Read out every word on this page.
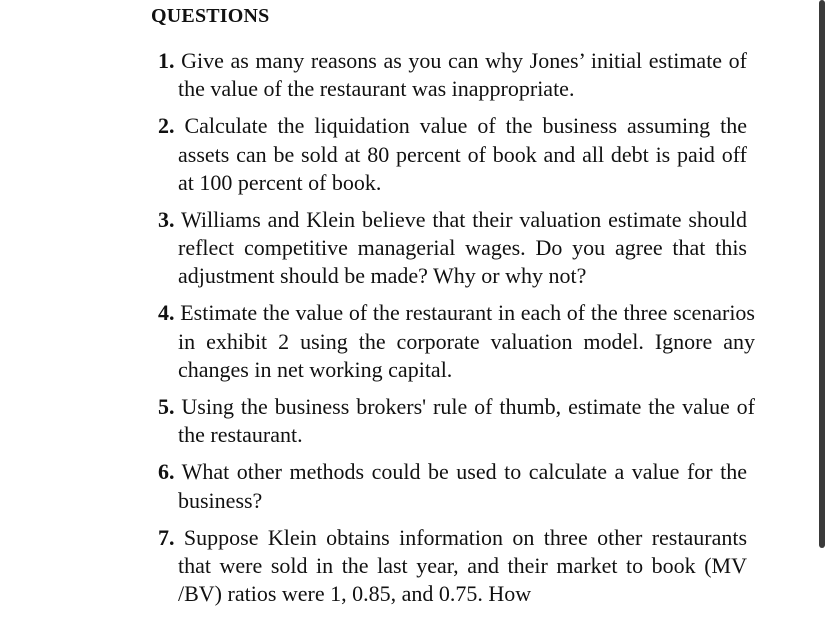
QUESTIONS
1. Give as many reasons as you can why Jones’ initial estimate of the value of the restaurant was inappropriate.
2. Calculate the liquidation value of the business assuming the assets can be sold at 80 percent of book and all debt is paid off at 100 percent of book.
3. Williams and Klein believe that their valuation estimate should reflect competitive managerial wages. Do you agree that this adjustment should be made? Why or why not?
4. Estimate the value of the restaurant in each of the three scenarios in exhibit 2 using the corporate valuation model. Ignore any changes in net working capital.
5. Using the business brokers' rule of thumb, estimate the value of the restaurant.
6. What other methods could be used to calculate a value for the business?
7. Suppose Klein obtains information on three other restaurants that were sold in the last year, and their market to book (MV /BV) ratios were 1, 0.85, and 0.75. How
